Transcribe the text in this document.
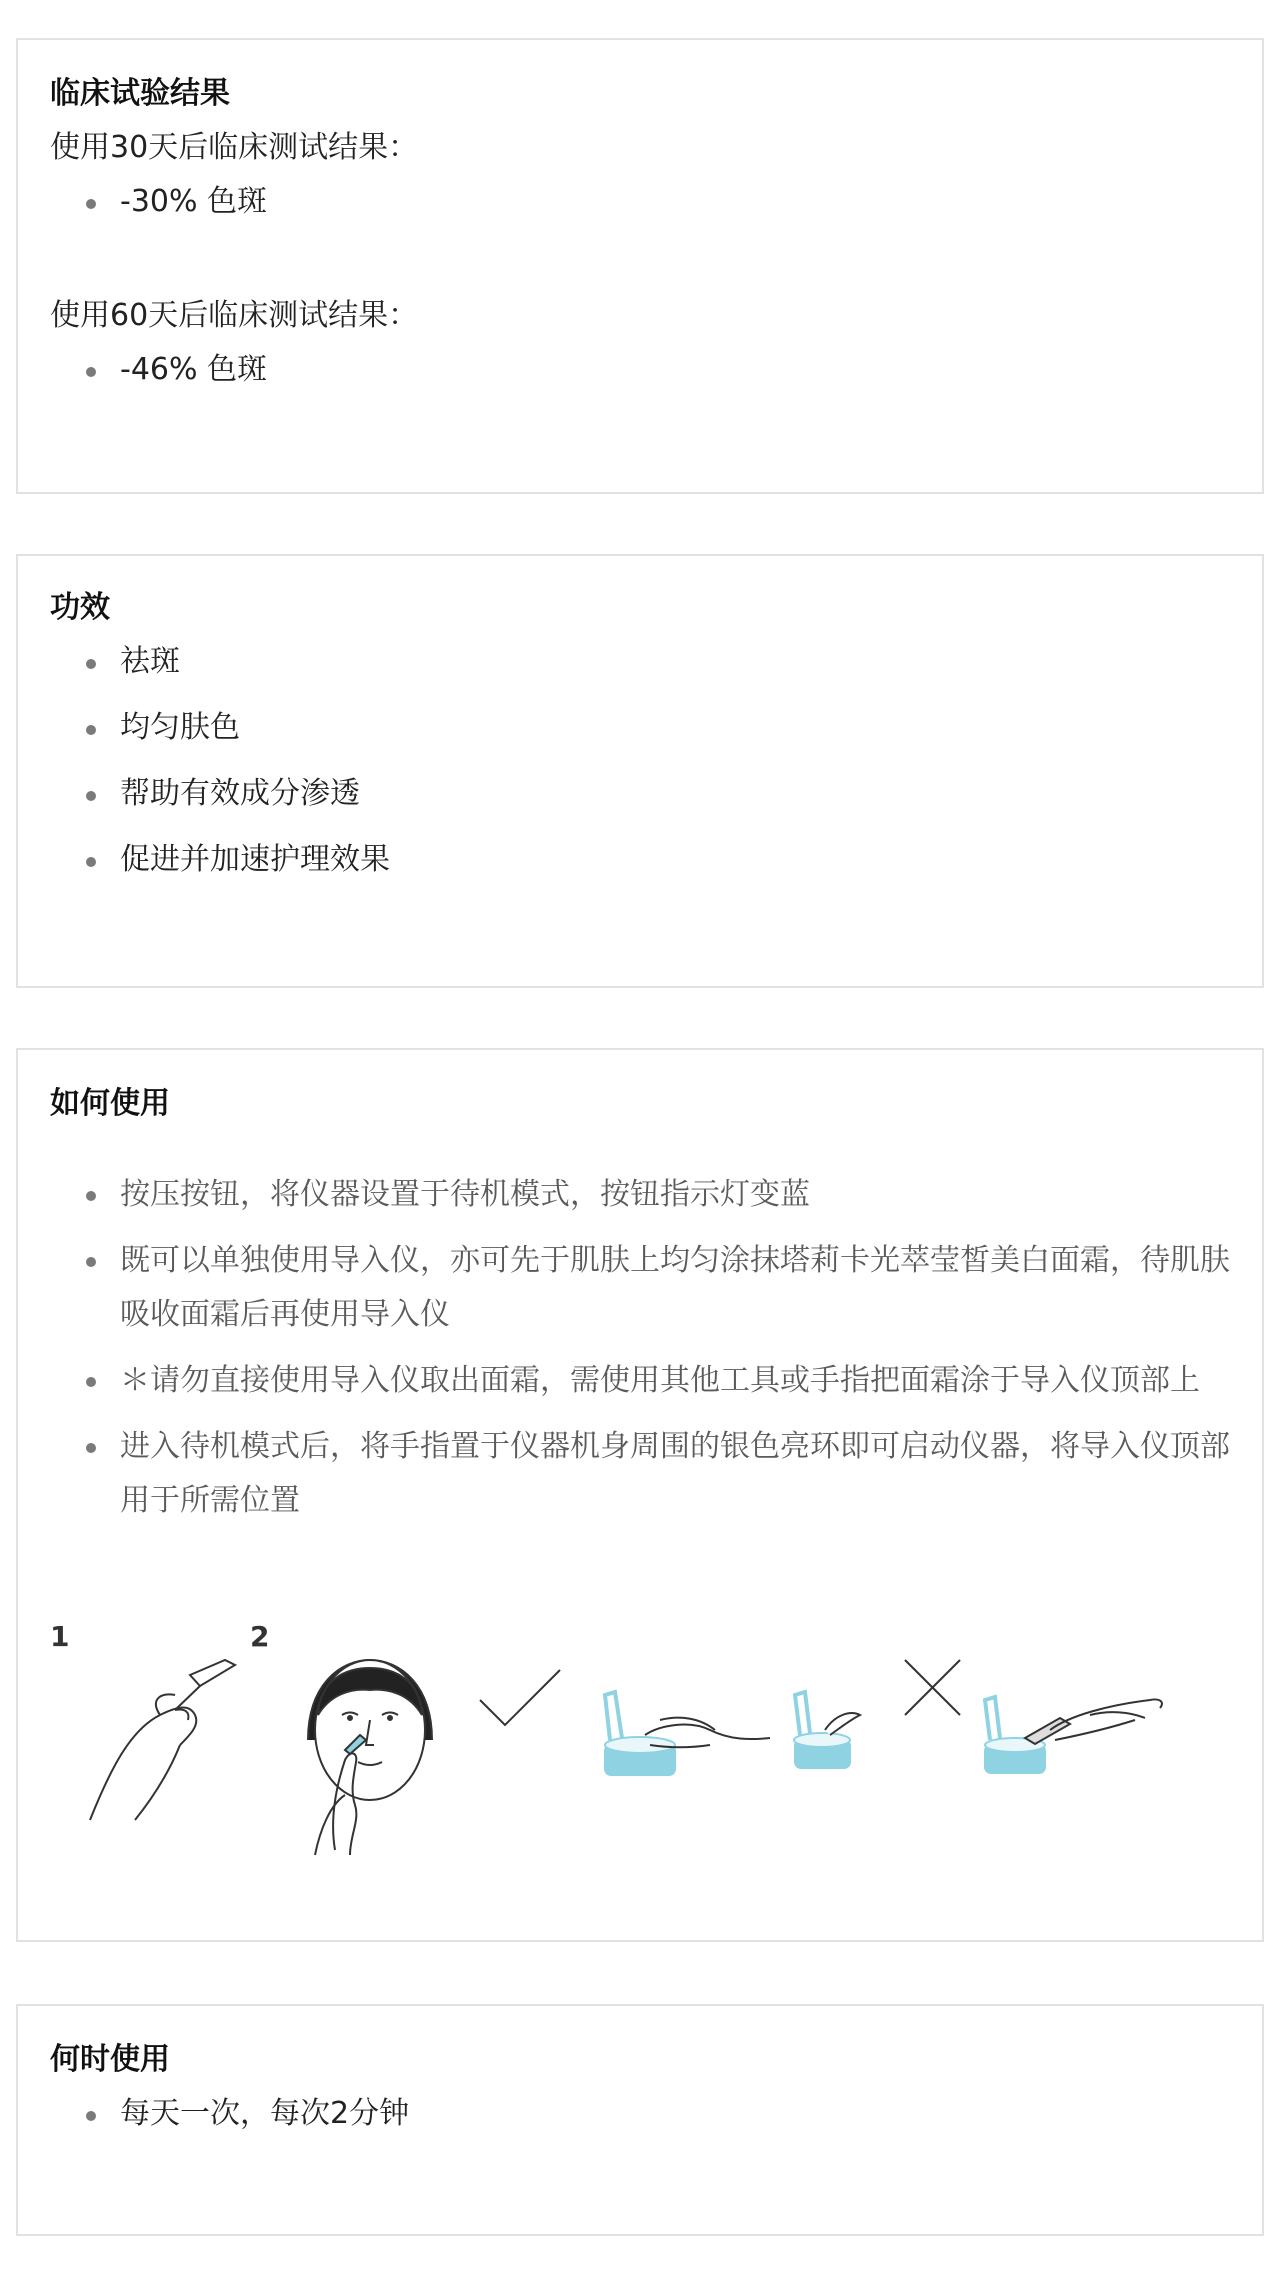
临床试验结果

使用30天后临床测试结果：

-30% 色斑

使用60天后临床测试结果：

-46% 色斑
功效
祛斑
均匀肤色
帮助有效成分渗透
促进并加速护理效果
如何使用
按压按钮，将仪器设置于待机模式，按钮指示灯变蓝
既可以单独使用导入仪，亦可先于肌肤上均匀涂抹塔莉卡光萃莹皙美白面霜，待肌肤吸收面霜后再使用导入仪
＊请勿直接使用导入仪取出面霜，需使用其他工具或手指把面霜涂于导入仪顶部上
进入待机模式后，将手指置于仪器机身周围的银色亮环即可启动仪器，将导入仪顶部用于所需位置
1	2
何时使用
每天一次，每次2分钟
